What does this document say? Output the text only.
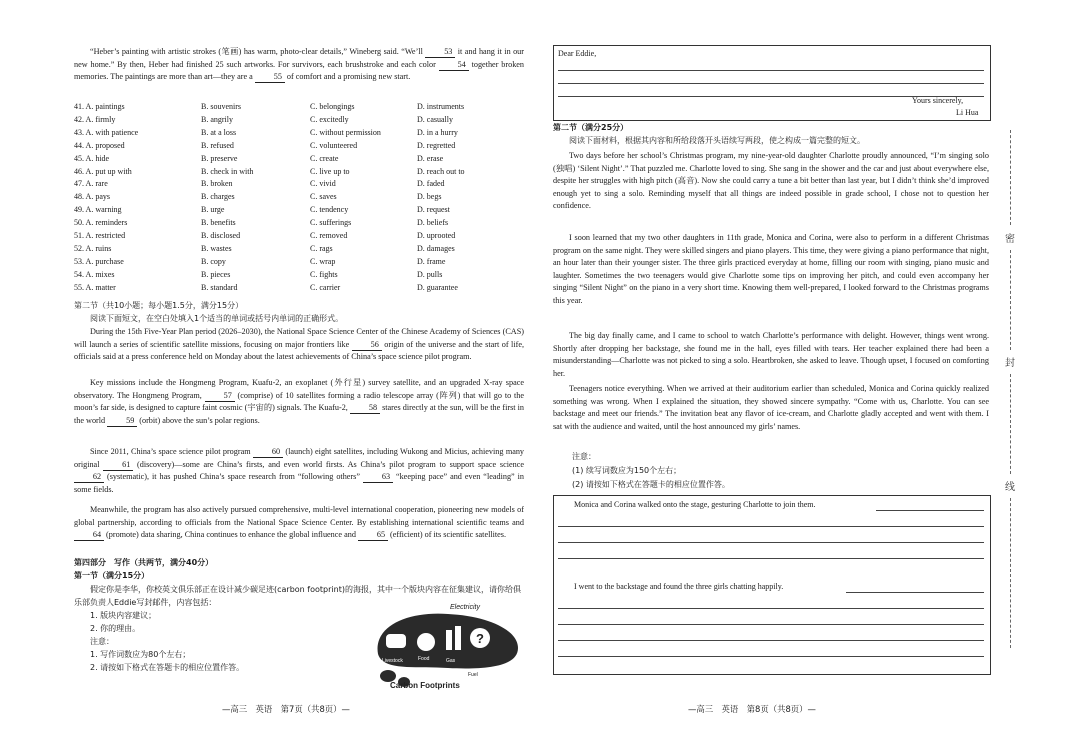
“Heber’s painting with artistic strokes (笔画) has warm, photo-clear details,” Wineberg said. “We’ll	53 it and hang it in our new home.” By then, Heber had finished 25 such artworks. For survivors, each brushstroke and each color	54 together broken memories. The paintings are more than art—they are a	55 of comfort and a promising new start.
41. A. paintings	B. souvenirs	C. belongings	D. instruments
42. A. firmly	B. angrily	C. excitedly	D. casually
43. A. with patience	B. at a loss	C. without permission	D. in a hurry
44. A. proposed	B. refused	C. volunteered	D. regretted
45. A. hide	B. preserve	C. create	D. erase
46. A. put up with	B. check in with	C. live up to	D. reach out to
47. A. rare	B. broken	C. vivid	D. faded
48. A. pays	B. charges	C. saves	D. begs
49. A. warning	B. urge	C. tendency	D. request
50. A. reminders	B. benefits	C. sufferings	D. beliefs
51. A. restricted	B. disclosed	C. removed	D. uprooted
52. A. ruins	B. wastes	C. rags	D. damages
53. A. purchase	B. copy	C. wrap	D. frame
54. A. mixes	B. pieces	C. fights	D. pulls
55. A. matter	B. standard	C. carrier	D. guarantee
第二节（共10小题；每小题1.5分，满分15分）
阅读下面短文，在空白处填入1个适当的单词或括号内单词的正确形式。
During the 15th Five-Year Plan period (2026–2030), the National Space Science Center of the Chinese Academy of Sciences (CAS) will launch a series of scientific satellite missions, focusing on major frontiers like	56 origin of the universe and the start of life, officials said at a press conference held on Monday about the latest achievements of China’s space science pilot program.
Key missions include the Hongmeng Program, Kuafu-2, an exoplanet (外行星) survey satellite, and an upgraded X-ray space observatory. The Hongmeng Program,	57 (comprise) of 10 satellites forming a radio telescope array (阵列) that will go to the moon’s far side, is designed to capture faint cosmic (宇宙的) signals. The Kuafu-2,	58 stares directly at the sun, will be the first in the world	59 (orbit) above the sun’s polar regions.
Since 2011, China’s space science pilot program	60 (launch) eight satellites, including Wukong and Micius, achieving many original	61 (discovery)—some are China’s firsts, and even world firsts. As China’s pilot program to support space science 62 (systematic), it has pushed China’s space research from “following others”	63 “keeping pace” and even “leading” in some fields.
Meanwhile, the program has also actively pursued comprehensive, multi-level international cooperation, pioneering new models of global partnership, according to officials from the National Space Science Center. By establishing international scientific teams and 64 (promote) data sharing, China continues to enhance the global influence and	65 (efficient) of its scientific satellites.
第四部分　写作（共两节，满分40分）
第一节（满分15分）
假定你是李华，你校英文俱乐部正在设计减少碳足迹(carbon footprint)的海报，其中一个版块内容在征集建议，请你给俱乐部负责人Eddie写封邮件，内容包括：
1. 版块内容建议；
2. 你的理由。
注意：
1. 写作词数应为80个左右；
2. 请按如下格式在答题卡的相应位置作答。
?
Electricity
Livestock	Food	Gas
Fuel
Carbon Footprints
—高三　英语　第7页（共8页）—
Dear Eddie,
Yours sincerely,
Li Hua
第二节（满分25分）
阅读下面材料，根据其内容和所给段落开头语续写两段，使之构成一篇完整的短文。
Two days before her school’s Christmas program, my nine-year-old daughter Charlotte proudly announced, “I’m singing solo (独唱) ‘Silent Night’.” That puzzled me. Charlotte loved to sing. She sang in the shower and the car and just about everywhere else, despite her struggles with high pitch (高音). Now she could carry a tune a bit better than last year, but I didn’t think she’d improved enough yet to sing a solo. Reminding myself that all things are indeed possible in grade school, I chose not to question her confidence.
I soon learned that my two other daughters in 11th grade, Monica and Corina, were also to perform in a different Christmas program on the same night. They were skilled singers and piano players. This time, they were giving a piano performance that night, an hour later than their younger sister. The three girls practiced everyday at home, filling our room with singing, piano music and laughter. Sometimes the two teenagers would give Charlotte some tips on improving her pitch, and could even accompany her singing “Silent Night” on the piano in a very short time. Knowing them well-prepared, I looked forward to the Christmas programs this year.
The big day finally came, and I came to school to watch Charlotte’s performance with delight. However, things went wrong. Shortly after dropping her backstage, she found me in the hall, eyes filled with tears. Her teacher explained there had been a misunderstanding—Charlotte was not picked to sing a solo. Heartbroken, she asked to leave. Though upset, I focused on comforting her.
Teenagers notice everything. When we arrived at their auditorium earlier than scheduled, Monica and Corina quickly realized something was wrong. When I explained the situation, they showed sincere sympathy. “Come with us, Charlotte. You can see backstage and meet our friends.” The invitation beat any flavor of ice-cream, and Charlotte gladly accepted and went with them. I sat with the audience and waited, until the host announced my girls’ names.
注意：
(1) 续写词数应为150个左右；
(2) 请按如下格式在答题卡的相应位置作答。
Monica and Corina walked onto the stage, gesturing Charlotte to join them.
I went to the backstage and found the three girls chatting happily.
密
封
线
—高三　英语　第8页（共8页）—
